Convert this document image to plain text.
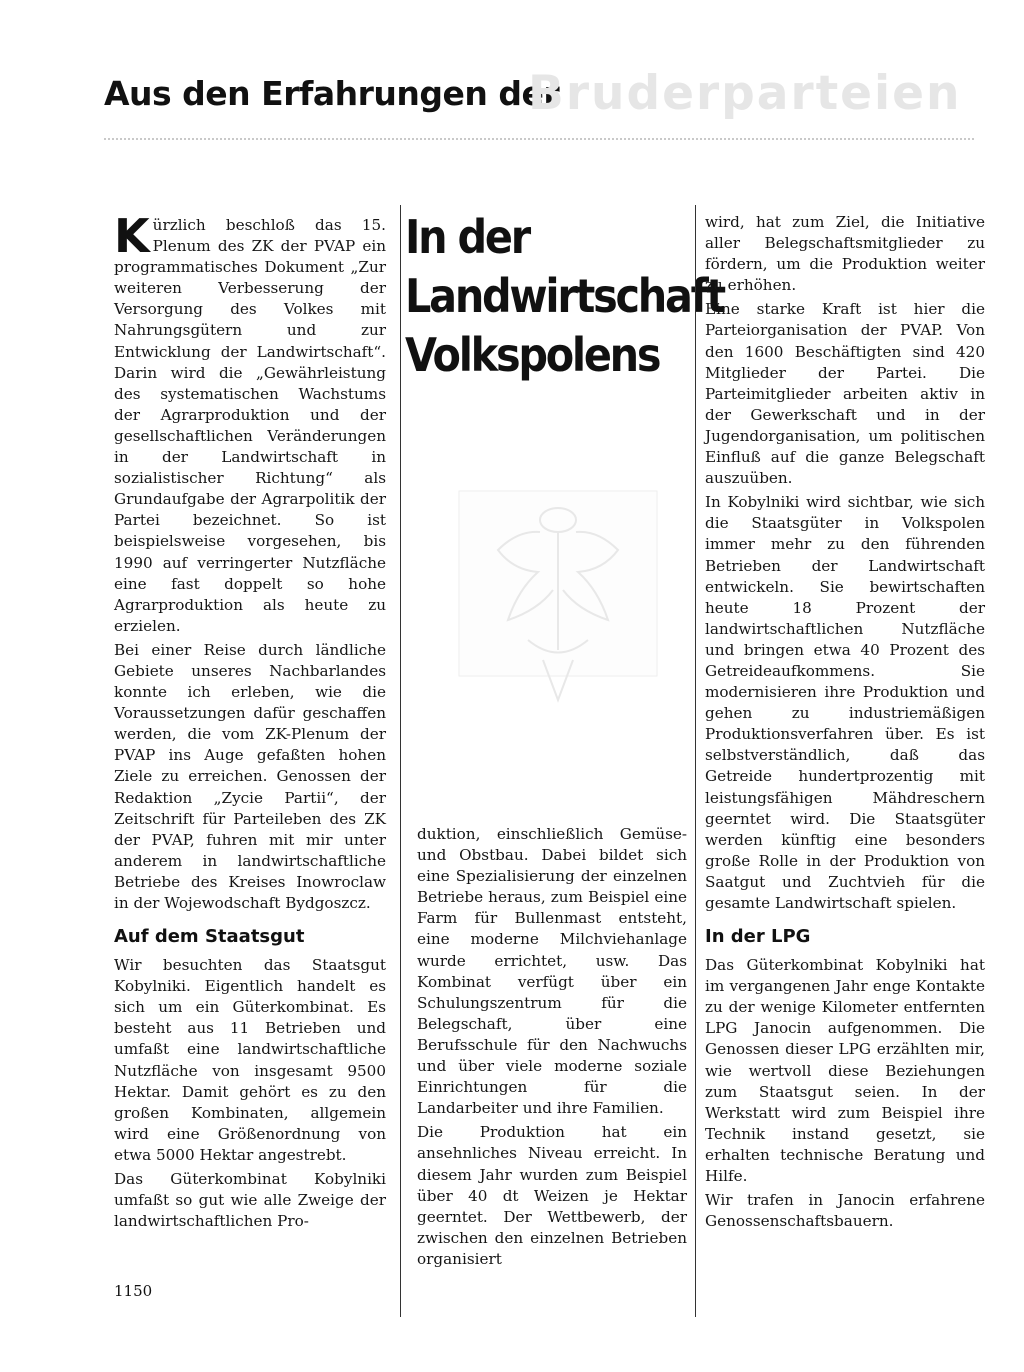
Aus den Erfahrungen der
Bruderparteien

Kürzlich beschloß das 15. Plenum des ZK der PVAP ein programmatisches Dokument „Zur weiteren Verbesserung der Versorgung des Volkes mit Nahrungsgütern und zur Entwicklung der Landwirtschaft“. Darin wird die „Gewährleistung des systematischen Wachstums der Agrarproduktion und der gesellschaftlichen Veränderungen in der Landwirtschaft in sozialistischer Richtung“ als Grundaufgabe der Agrarpolitik der Partei bezeichnet. So ist beispielsweise vorgesehen, bis 1990 auf verringerter Nutzfläche eine fast doppelt so hohe Agrarproduktion als heute zu erzielen.

Bei einer Reise durch ländliche Gebiete unseres Nachbarlandes konnte ich erleben, wie die Voraussetzungen dafür geschaffen werden, die vom ZK-Plenum der PVAP ins Auge gefaßten hohen Ziele zu erreichen. Genossen der Redaktion „Zycie Partii“, der Zeitschrift für Parteileben des ZK der PVAP, fuhren mit mir unter anderem in landwirtschaftliche Betriebe des Kreises Inowroclaw in der Wojewodschaft Bydgoszcz.

Auf dem Staatsgut

Wir besuchten das Staatsgut Kobylniki. Eigentlich handelt es sich um ein Güterkombinat. Es besteht aus 11 Betrieben und umfaßt eine landwirtschaftliche Nutzfläche von insgesamt 9500 Hektar. Damit gehört es zu den großen Kombinaten, allgemein wird eine Größenordnung von etwa 5000 Hektar angestrebt.

Das Güterkombinat Kobylniki umfaßt so gut wie alle Zweige der landwirtschaftlichen Pro-

In der
Landwirtschaft
Volkspolens

duktion, einschließlich Gemüse- und Obstbau. Dabei bildet sich eine Spezialisierung der einzelnen Betriebe heraus, zum Beispiel eine Farm für Bullenmast entsteht, eine moderne Milchviehanlage wurde errichtet, usw. Das Kombinat verfügt über ein Schulungszentrum für die Belegschaft, über eine Berufsschule für den Nachwuchs und über viele moderne soziale Einrichtungen für die Landarbeiter und ihre Familien.

Die Produktion hat ein ansehnliches Niveau erreicht. In diesem Jahr wurden zum Beispiel über 40 dt Weizen je Hektar geerntet. Der Wettbewerb, der zwischen den einzelnen Betrieben organisiert

wird, hat zum Ziel, die Initiative aller Belegschaftsmitglieder zu fördern, um die Produktion weiter zu erhöhen.

Eine starke Kraft ist hier die Parteiorganisation der PVAP. Von den 1600 Beschäftigten sind 420 Mitglieder der Partei. Die Parteimitglieder arbeiten aktiv in der Gewerkschaft und in der Jugendorganisation, um politischen Einfluß auf die ganze Belegschaft auszuüben.

In Kobylniki wird sichtbar, wie sich die Staatsgüter in Volkspolen immer mehr zu den führenden Betrieben der Landwirtschaft entwickeln. Sie bewirtschaften heute 18 Prozent der landwirtschaftlichen Nutzfläche und bringen etwa 40 Prozent des Getreideaufkommens. Sie modernisieren ihre Produktion und gehen zu industriemäßigen Produktionsverfahren über. Es ist selbstverständlich, daß das Getreide hundertprozentig mit leistungsfähigen Mähdreschern geerntet wird. Die Staatsgüter werden künftig eine besonders große Rolle in der Produktion von Saatgut und Zuchtvieh für die gesamte Landwirtschaft spielen.

In der LPG

Das Güterkombinat Kobylniki hat im vergangenen Jahr enge Kontakte zu der wenige Kilometer entfernten LPG Janocin aufgenommen. Die Genossen dieser LPG erzählten mir, wie wertvoll diese Beziehungen zum Staatsgut seien. In der Werkstatt wird zum Beispiel ihre Technik instand gesetzt, sie erhalten technische Beratung und Hilfe.

Wir trafen in Janocin erfahrene Genossenschaftsbauern.

1150
